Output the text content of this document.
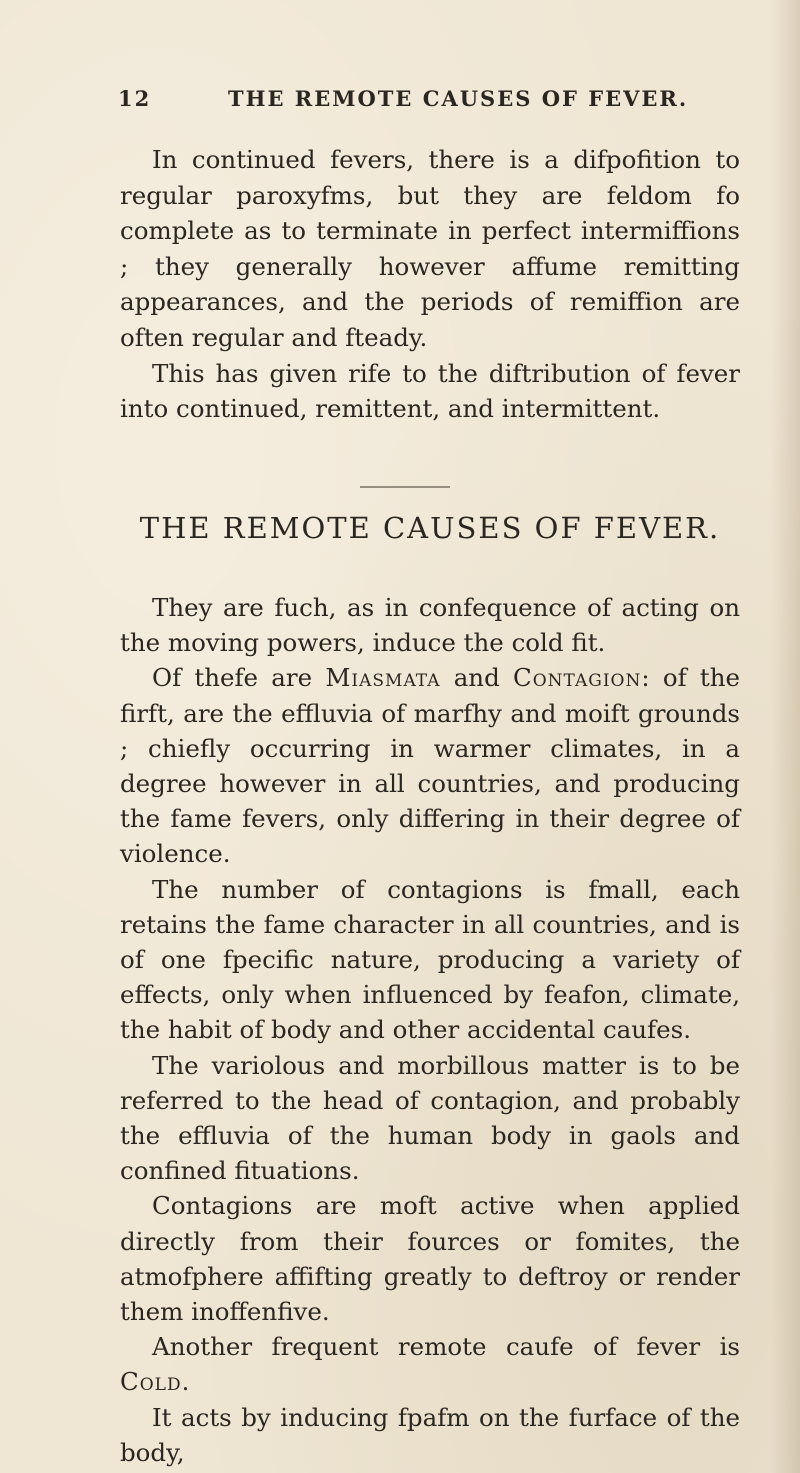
12	THE REMOTE CAUSES OF FEVER.

In continued fevers, there is a difpofition to regular paroxyfms, but they are feldom fo complete as to terminate in perfect intermiffions ; they generally however affume remitting appearances, and the periods of remiffion are often regular and fteady.

This has given rife to the diftribution of fever into continued, remittent, and intermittent.

THE REMOTE CAUSES OF FEVER.

They are fuch, as in confequence of acting on the moving powers, induce the cold fit.

Of thefe are Miasmata and Contagion: of the firft, are the effluvia of marfhy and moift grounds ; chiefly occurring in warmer climates, in a degree however in all countries, and producing the fame fevers, only differing in their degree of violence.

The number of contagions is fmall, each retains the fame character in all countries, and is of one fpecific nature, producing a variety of effects, only when influenced by feafon, climate, the habit of body and other accidental caufes.

The variolous and morbillous matter is to be referred to the head of contagion, and probably the effluvia of the human body in gaols and confined fituations.

Contagions are moft active when applied directly from their fources or fomites, the atmofphere affifting greatly to deftroy or render them inoffenfive.

Another frequent remote caufe of fever is Cold.

It acts by inducing fpafm on the furface of the body,
